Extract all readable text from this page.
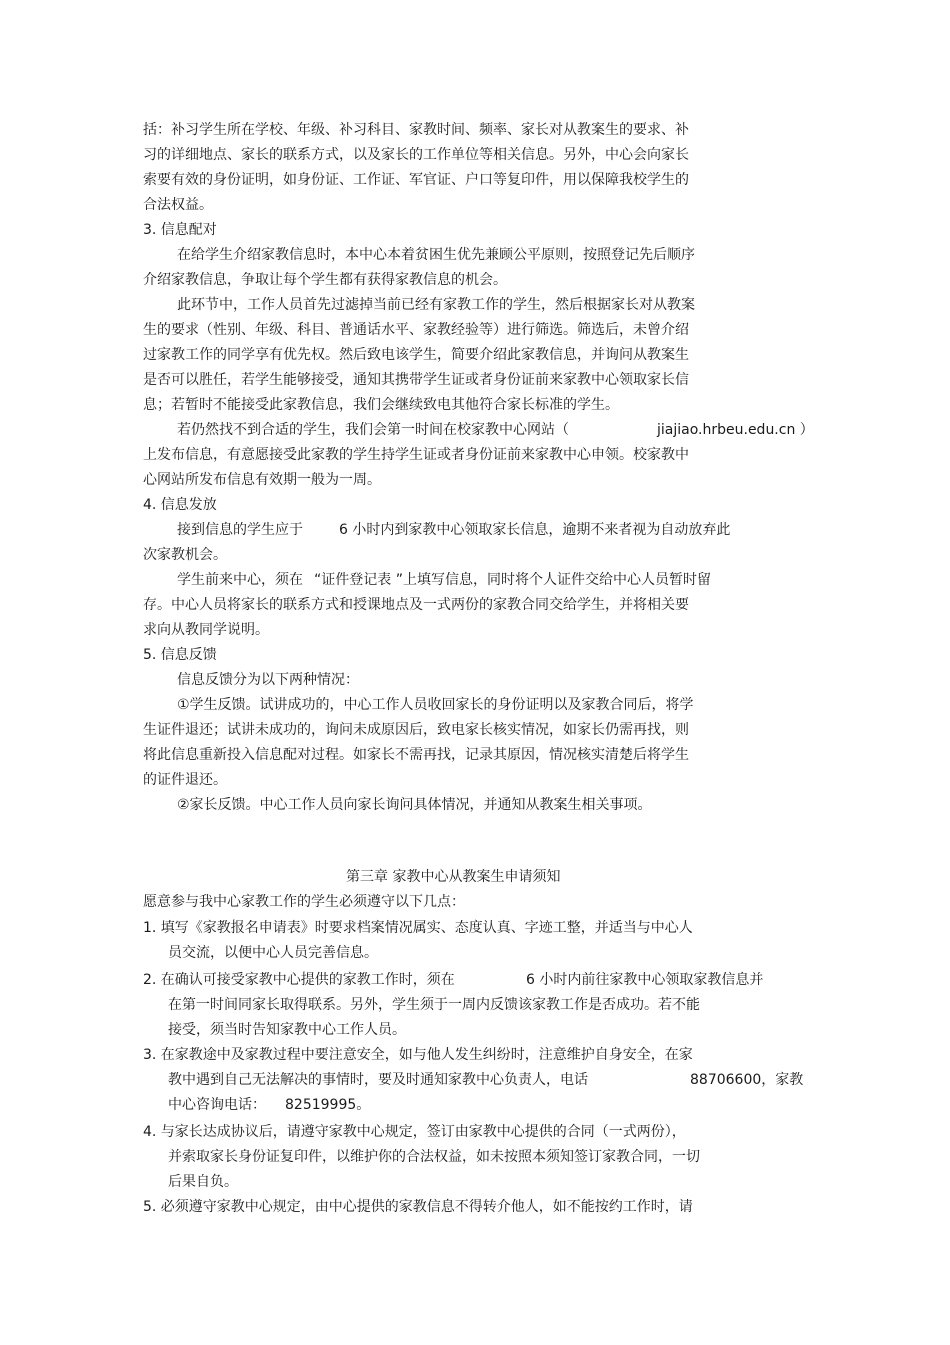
括：补习学生所在学校、年级、补习科目、家教时间、频率、家长对从教案生的要求、补
习的详细地点、家长的联系方式，以及家长的工作单位等相关信息。另外，中心会向家长
索要有效的身份证明，如身份证、工作证、军官证、户口等复印件，用以保障我校学生的
合法权益。
3. 信息配对
在给学生介绍家教信息时，本中心本着贫困生优先兼顾公平原则，按照登记先后顺序
介绍家教信息，争取让每个学生都有获得家教信息的机会。
此环节中，工作人员首先过滤掉当前已经有家教工作的学生，然后根据家长对从教案
生的要求（性别、年级、科目、普通话水平、家教经验等）进行筛选。筛选后，未曾介绍
过家教工作的同学享有优先权。然后致电该学生，简要介绍此家教信息，并询问从教案生
是否可以胜任，若学生能够接受，通知其携带学生证或者身份证前来家教中心领取家长信
息；若暂时不能接受此家教信息，我们会继续致电其他符合家长标准的学生。
若仍然找不到合适的学生，我们会第一时间在校家教中心网站（	jiajiao.hrbeu.edu.cn ）
上发布信息，有意愿接受此家教的学生持学生证或者身份证前来家教中心申领。校家教中
心网站所发布信息有效期一般为一周。
4. 信息发放
接到信息的学生应于	6 小时内到家教中心领取家长信息，逾期不来者视为自动放弃此
次家教机会。
学生前来中心，须在 “证件登记表 ”上填写信息，同时将个人证件交给中心人员暂时留
存。中心人员将家长的联系方式和授课地点及一式两份的家教合同交给学生，并将相关要
求向从教同学说明。
5. 信息反馈
信息反馈分为以下两种情况：
①学生反馈。试讲成功的，中心工作人员收回家长的身份证明以及家教合同后，将学
生证件退还；试讲未成功的，询问未成原因后，致电家长核实情况，如家长仍需再找，则
将此信息重新投入信息配对过程。如家长不需再找，记录其原因，情况核实清楚后将学生
的证件退还。
②家长反馈。中心工作人员向家长询问具体情况，并通知从教案生相关事项。
第三章 家教中心从教案生申请须知
愿意参与我中心家教工作的学生必须遵守以下几点：
1. 填写《家教报名申请表》时要求档案情况属实、态度认真、字迹工整，并适当与中心人
员交流，以便中心人员完善信息。
2. 在确认可接受家教中心提供的家教工作时，须在	6 小时内前往家教中心领取家教信息并
在第一时间同家长取得联系。另外，学生须于一周内反馈该家教工作是否成功。若不能
接受，须当时告知家教中心工作人员。
3. 在家教途中及家教过程中要注意安全，如与他人发生纠纷时，注意维护自身安全，在家
教中遇到自己无法解决的事情时，要及时通知家教中心负责人，电话	88706600，家教
中心咨询电话： 82519995。
4. 与家长达成协议后，请遵守家教中心规定，签订由家教中心提供的合同（一式两份），
并索取家长身份证复印件，以维护你的合法权益，如未按照本须知签订家教合同，一切
后果自负。
5. 必须遵守家教中心规定，由中心提供的家教信息不得转介他人，如不能按约工作时，请
